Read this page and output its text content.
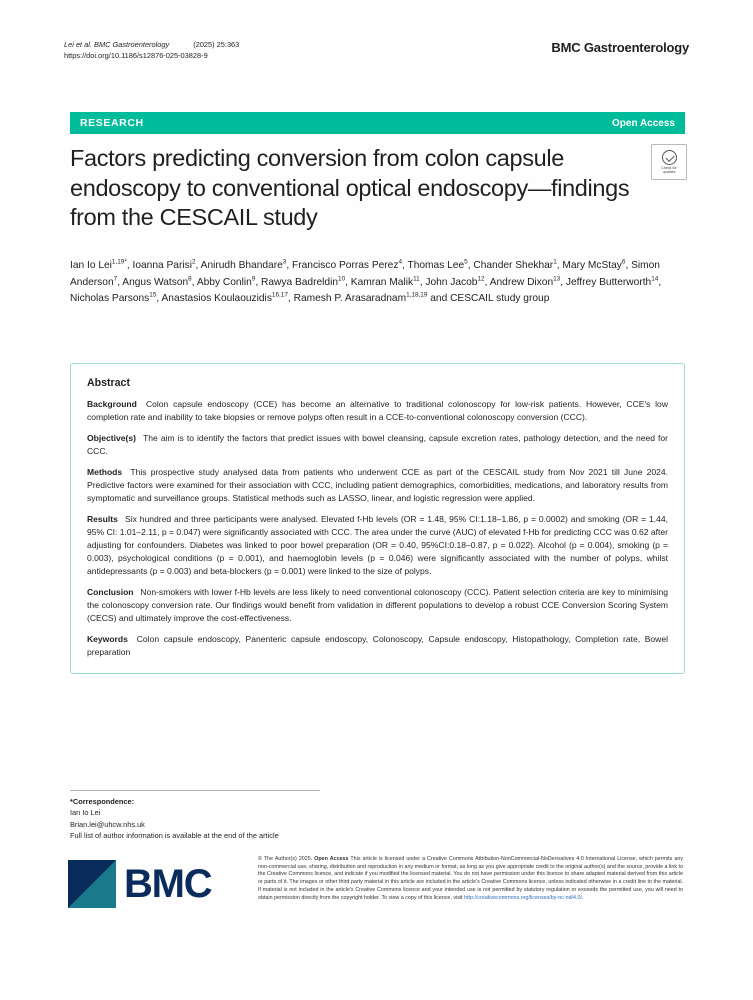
Lei et al. BMC Gastroenterology	(2025) 25:363
https://doi.org/10.1186/s12876-025-03828-9
BMC Gastroenterology
RESEARCH	Open Access
Factors predicting conversion from colon capsule endoscopy to conventional optical endoscopy—findings from the CESCAIL study
Check for
updates
Ian Io Lei$^{1,19*}$, Ioanna Parisi$^2$, Anirudh Bhandare$^3$, Francisco Porras Perez$^4$, Thomas Lee$^5$, Chander Shekhar$^1$, Mary McStay$^6$, Simon Anderson$^7$, Angus Watson$^8$, Abby Conlin$^9$, Rawya Badreldin$^{10}$, Kamran Malik$^{11}$, John Jacob$^{12}$, Andrew Dixon$^{13}$, Jeffrey Butterworth$^{14}$, Nicholas Parsons$^{15}$, Anastasios Koulaouzidis$^{16,17}$, Ramesh P. Arasaradnam$^{1,18,19}$ and CESCAIL study group
Abstract

Background  Colon capsule endoscopy (CCE) has become an alternative to traditional colonoscopy for low-risk patients. However, CCE's low completion rate and inability to take biopsies or remove polyps often result in a CCE-to-conventional colonoscopy conversion (CCC).

Objective(s)  The aim is to identify the factors that predict issues with bowel cleansing, capsule excretion rates, pathology detection, and the need for CCC.

Methods  This prospective study analysed data from patients who underwent CCE as part of the CESCAIL study from Nov 2021 till June 2024. Predictive factors were examined for their association with CCC, including patient demographics, comorbidities, medications, and laboratory results from symptomatic and surveillance groups. Statistical methods such as LASSO, linear, and logistic regression were applied.

Results  Six hundred and three participants were analysed. Elevated f-Hb levels (OR = 1.48, 95% CI:1.18–1.86, p = 0.0002) and smoking (OR = 1.44, 95% CI: 1.01–2.11, p = 0.047) were significantly associated with CCC. The area under the curve (AUC) of elevated f-Hb for predicting CCC was 0.62 after adjusting for confounders. Diabetes was linked to poor bowel preparation (OR = 0.40, 95%CI:0.18–0.87, p = 0.022). Alcohol (p = 0.004), smoking (p = 0.003), psychological conditions (p = 0.001), and haemoglobin levels (p = 0.046) were significantly associated with the number of polyps, whilst antidepressants (p = 0.003) and beta-blockers (p = 0.001) were linked to the size of polyps.

Conclusion  Non-smokers with lower f-Hb levels are less likely to need conventional colonoscopy (CCC). Patient selection criteria are key to minimising the colonoscopy conversion rate. Our findings would benefit from validation in different populations to develop a robust CCE Conversion Scoring System (CECS) and ultimately improve the cost-effectiveness.

Keywords  Colon capsule endoscopy, Panenteric capsule endoscopy, Colonoscopy, Capsule endoscopy, Histopathology, Completion rate, Bowel preparation

*Correspondence:
Ian Io Lei
Brian.lei@uhcw.nhs.uk
Full list of author information is available at the end of the article
BMC
© The Author(s) 2025. Open Access This article is licensed under a Creative Commons Attribution-NonCommercial-NoDerivatives 4.0 International License, which permits any non-commercial use, sharing, distribution and reproduction in any medium or format, as long as you give appropriate credit to the original author(s) and the source, provide a link to the Creative Commons licence, and indicate if you modified the licensed material. You do not have permission under this licence to share adapted material derived from this article or parts of it. The images or other third party material in this article are included in the article's Creative Commons licence, unless indicated otherwise in a credit line to the material. If material is not included in the article's Creative Commons licence and your intended use is not permitted by statutory regulation or exceeds the permitted use, you will need to obtain permission directly from the copyright holder. To view a copy of this licence, visit http://creativecommons.org/licenses/by-nc-nd/4.0/.
